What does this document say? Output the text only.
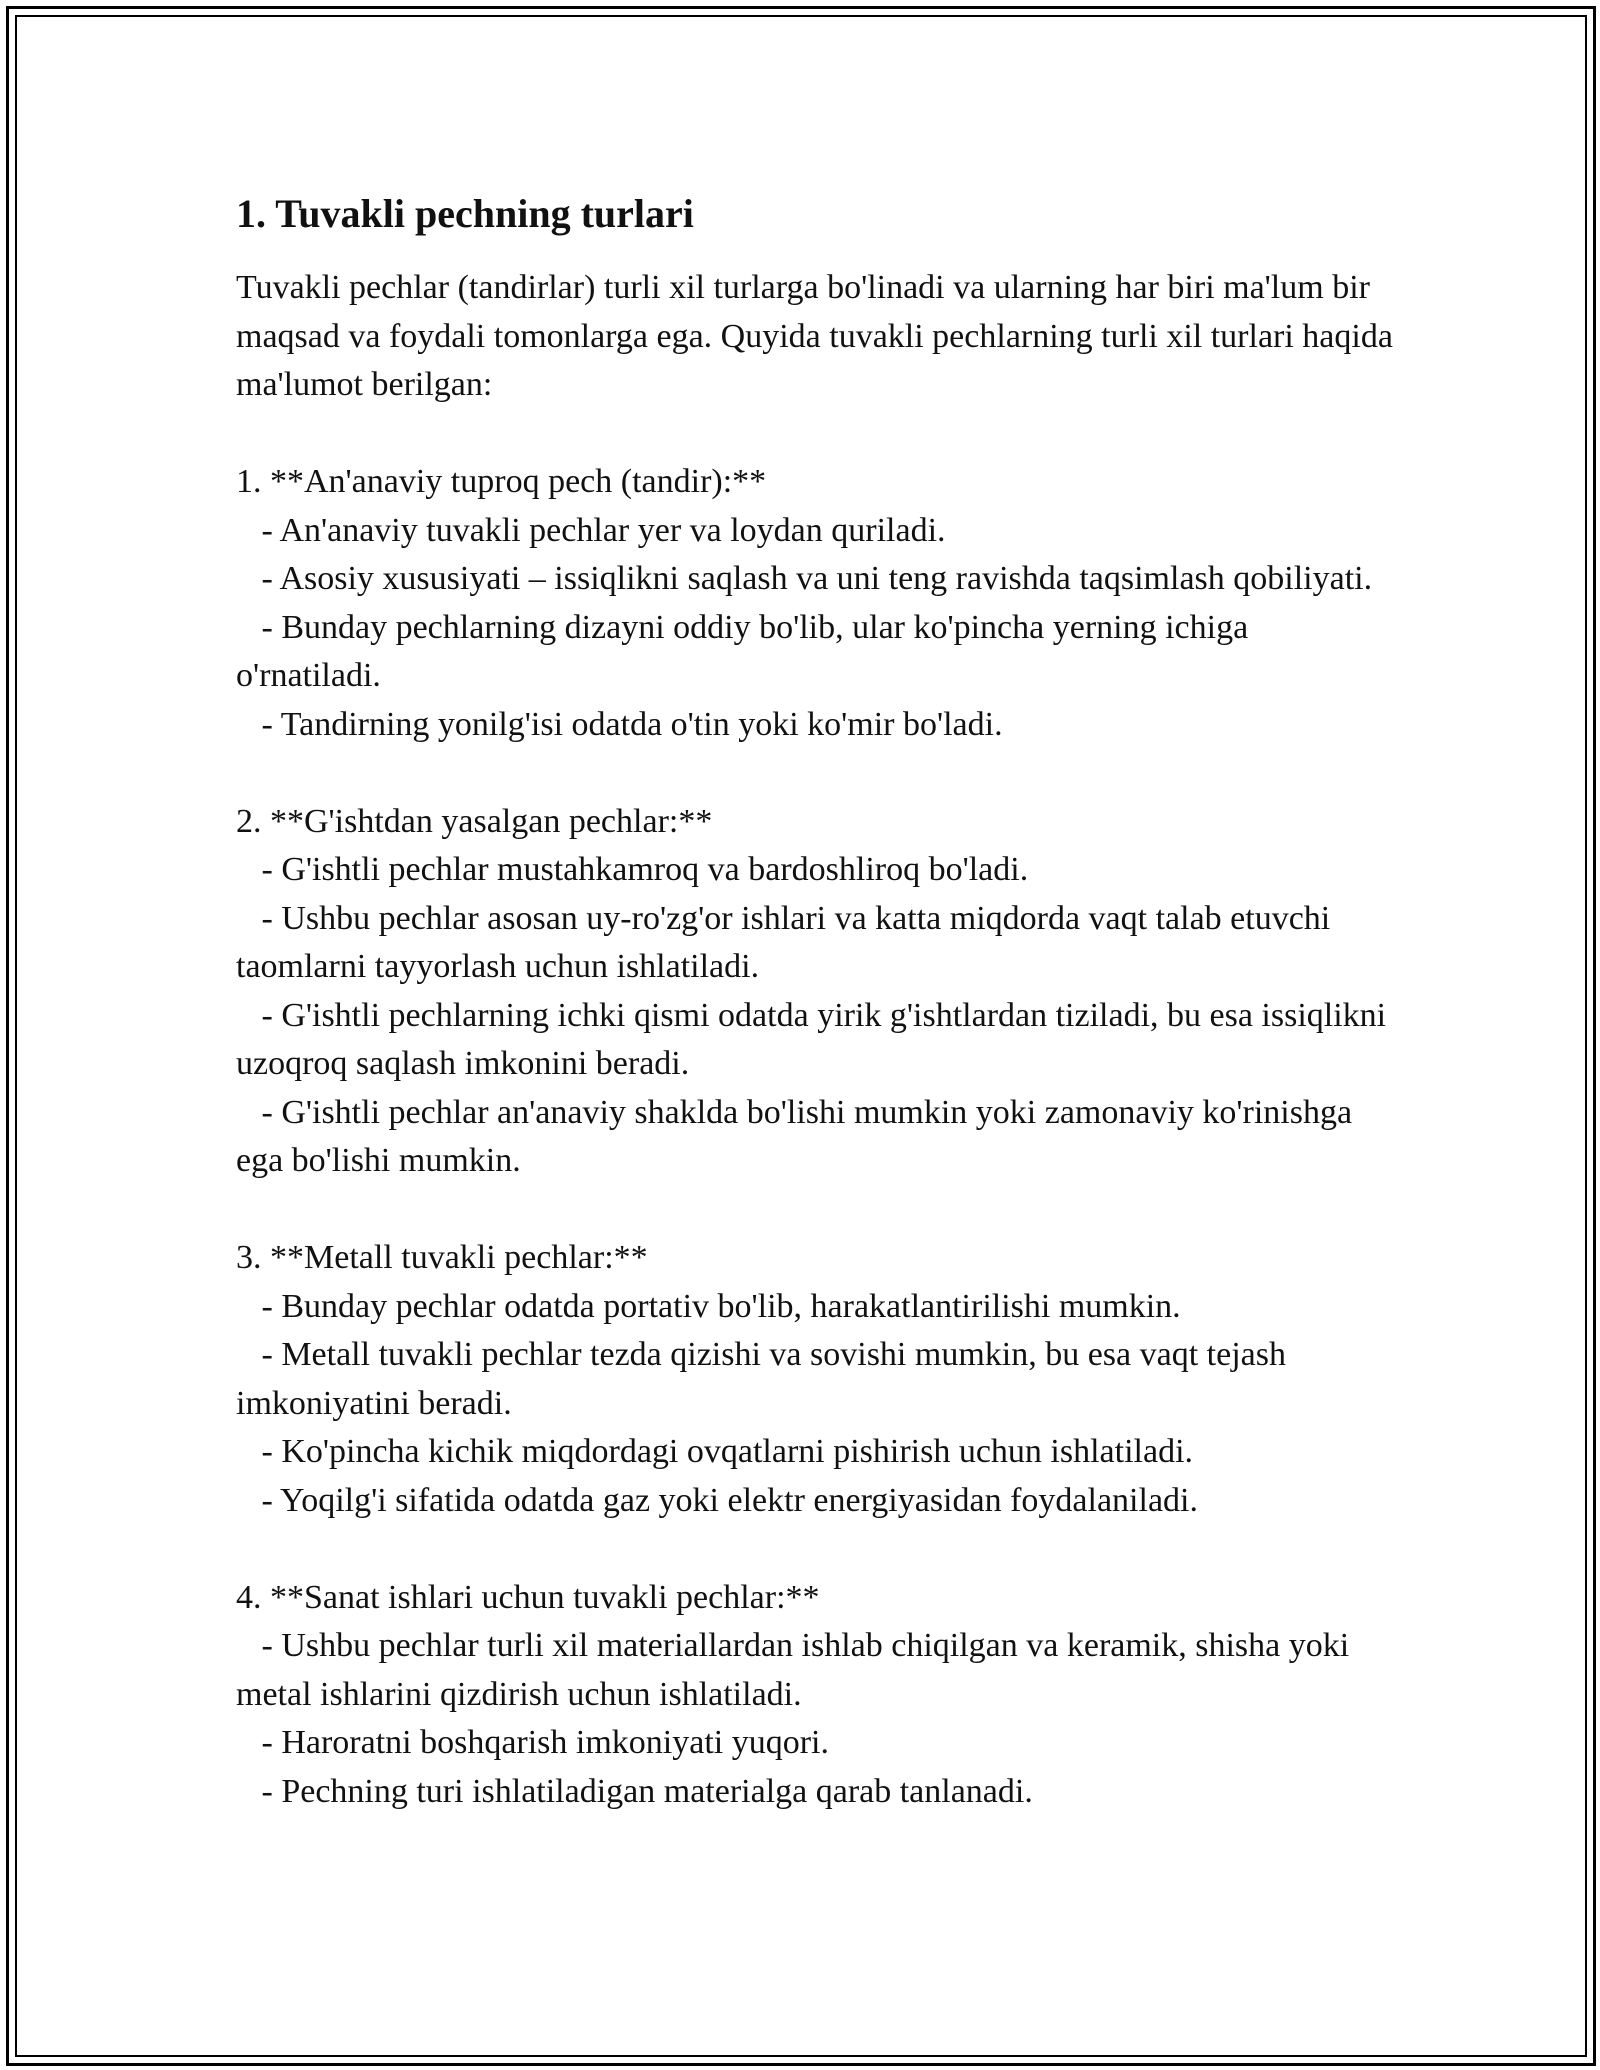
1. Tuvakli pechning turlari

Tuvakli pechlar (tandirlar) turli xil turlarga bo'linadi va ularning har biri ma'lum bir maqsad va foydali tomonlarga ega. Quyida tuvakli pechlarning turli xil turlari haqida ma'lumot berilgan:

1. **An'anaviy tuproq pech (tandir):**

- An'anaviy tuvakli pechlar yer va loydan quriladi.

- Asosiy xususiyati – issiqlikni saqlash va uni teng ravishda taqsimlash qobiliyati.

- Bunday pechlarning dizayni oddiy bo'lib, ular ko'pincha yerning ichiga o'rnatiladi.

- Tandirning yonilg'isi odatda o'tin yoki ko'mir bo'ladi.

2. **G'ishtdan yasalgan pechlar:**

- G'ishtli pechlar mustahkamroq va bardoshliroq bo'ladi.

- Ushbu pechlar asosan uy-ro'zg'or ishlari va katta miqdorda vaqt talab etuvchi taomlarni tayyorlash uchun ishlatiladi.

- G'ishtli pechlarning ichki qismi odatda yirik g'ishtlardan tiziladi, bu esa issiqlikni uzoqroq saqlash imkonini beradi.

- G'ishtli pechlar an'anaviy shaklda bo'lishi mumkin yoki zamonaviy ko'rinishga ega bo'lishi mumkin.

3. **Metall tuvakli pechlar:**

- Bunday pechlar odatda portativ bo'lib, harakatlantirilishi mumkin.

- Metall tuvakli pechlar tezda qizishi va sovishi mumkin, bu esa vaqt tejash imkoniyatini beradi.

- Ko'pincha kichik miqdordagi ovqatlarni pishirish uchun ishlatiladi.

- Yoqilg'i sifatida odatda gaz yoki elektr energiyasidan foydalaniladi.

4. **Sanat ishlari uchun tuvakli pechlar:**

- Ushbu pechlar turli xil materiallardan ishlab chiqilgan va keramik, shisha yoki metal ishlarini qizdirish uchun ishlatiladi.

- Haroratni boshqarish imkoniyati yuqori.

- Pechning turi ishlatiladigan materialga qarab tanlanadi.
